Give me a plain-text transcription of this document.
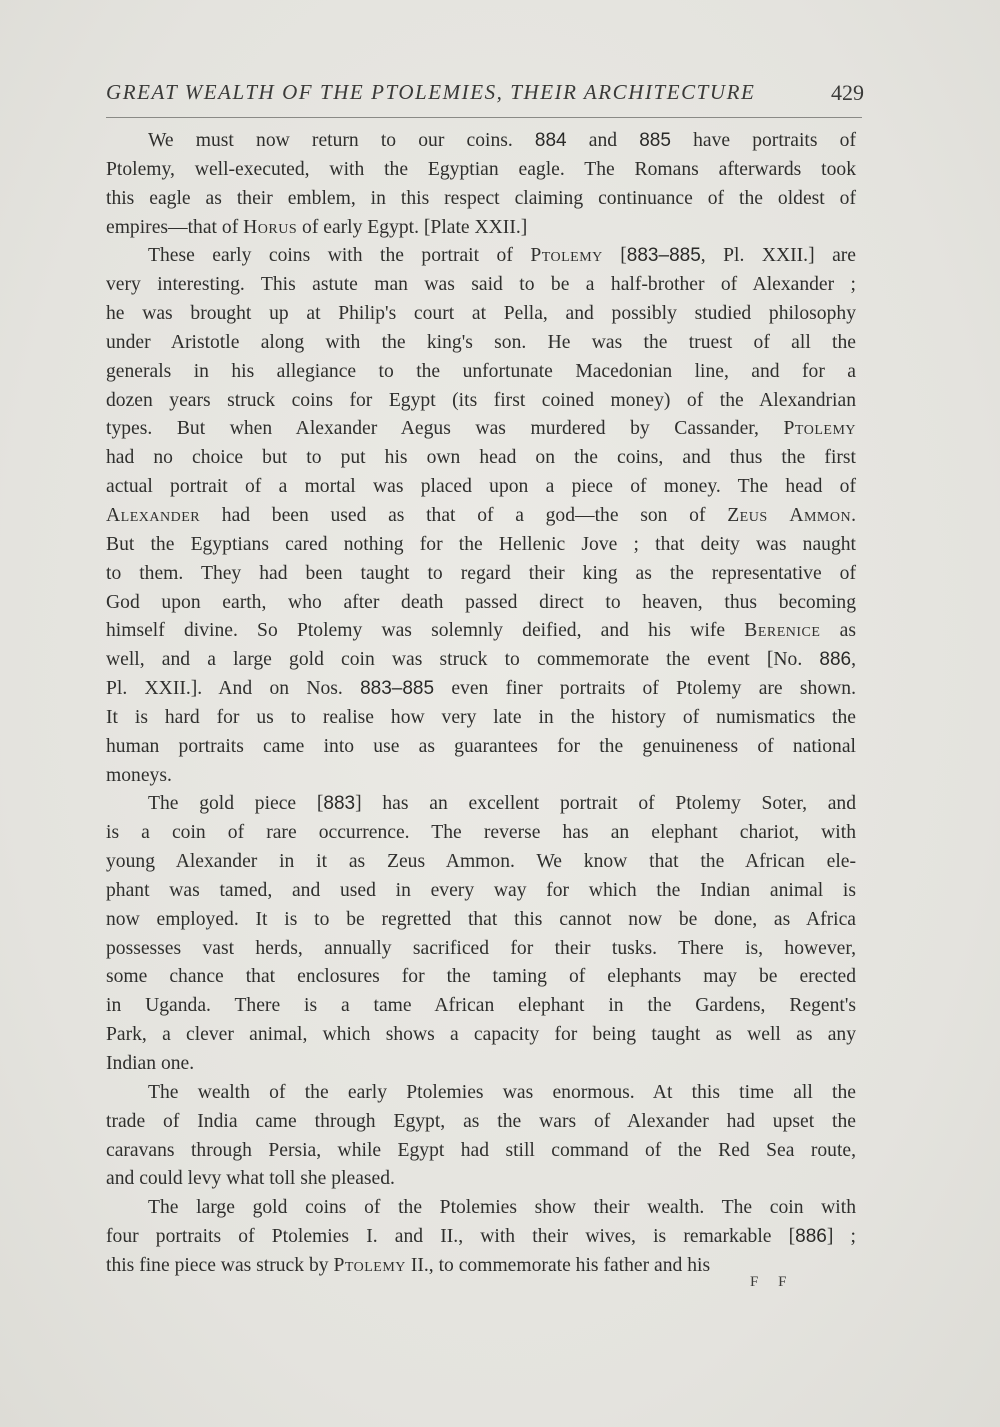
GREAT WEALTH OF THE PTOLEMIES, THEIR ARCHITECTURE	429
We must now return to our coins. 884 and 885 have portraits of
Ptolemy, well-executed, with the Egyptian eagle. The Romans afterwards took
this eagle as their emblem, in this respect claiming continuance of the oldest of
empires—that of Horus of early Egypt. [Plate XXII.]
These early coins with the portrait of Ptolemy [883–885, Pl. XXII.] are
very interesting. This astute man was said to be a half-brother of Alexander ;
he was brought up at Philip's court at Pella, and possibly studied philosophy
under Aristotle along with the king's son. He was the truest of all the
generals in his allegiance to the unfortunate Macedonian line, and for a
dozen years struck coins for Egypt (its first coined money) of the Alexandrian
types. But when Alexander Aegus was murdered by Cassander, Ptolemy
had no choice but to put his own head on the coins, and thus the first
actual portrait of a mortal was placed upon a piece of money. The head of
Alexander had been used as that of a god—the son of Zeus Ammon.
But the Egyptians cared nothing for the Hellenic Jove ; that deity was naught
to them. They had been taught to regard their king as the representative of
God upon earth, who after death passed direct to heaven, thus becoming
himself divine. So Ptolemy was solemnly deified, and his wife Berenice as
well, and a large gold coin was struck to commemorate the event [No. 886,
Pl. XXII.]. And on Nos. 883–885 even finer portraits of Ptolemy are shown.
It is hard for us to realise how very late in the history of numismatics the
human portraits came into use as guarantees for the genuineness of national
moneys.
The gold piece [883] has an excellent portrait of Ptolemy Soter, and
is a coin of rare occurrence. The reverse has an elephant chariot, with
young Alexander in it as Zeus Ammon. We know that the African ele-
phant was tamed, and used in every way for which the Indian animal is
now employed. It is to be regretted that this cannot now be done, as Africa
possesses vast herds, annually sacrificed for their tusks. There is, however,
some chance that enclosures for the taming of elephants may be erected
in Uganda. There is a tame African elephant in the Gardens, Regent's
Park, a clever animal, which shows a capacity for being taught as well as any
Indian one.
The wealth of the early Ptolemies was enormous. At this time all the
trade of India came through Egypt, as the wars of Alexander had upset the
caravans through Persia, while Egypt had still command of the Red Sea route,
and could levy what toll she pleased.
The large gold coins of the Ptolemies show their wealth. The coin with
four portraits of Ptolemies I. and II., with their wives, is remarkable [886] ;
this fine piece was struck by Ptolemy II., to commemorate his father and his
F F
